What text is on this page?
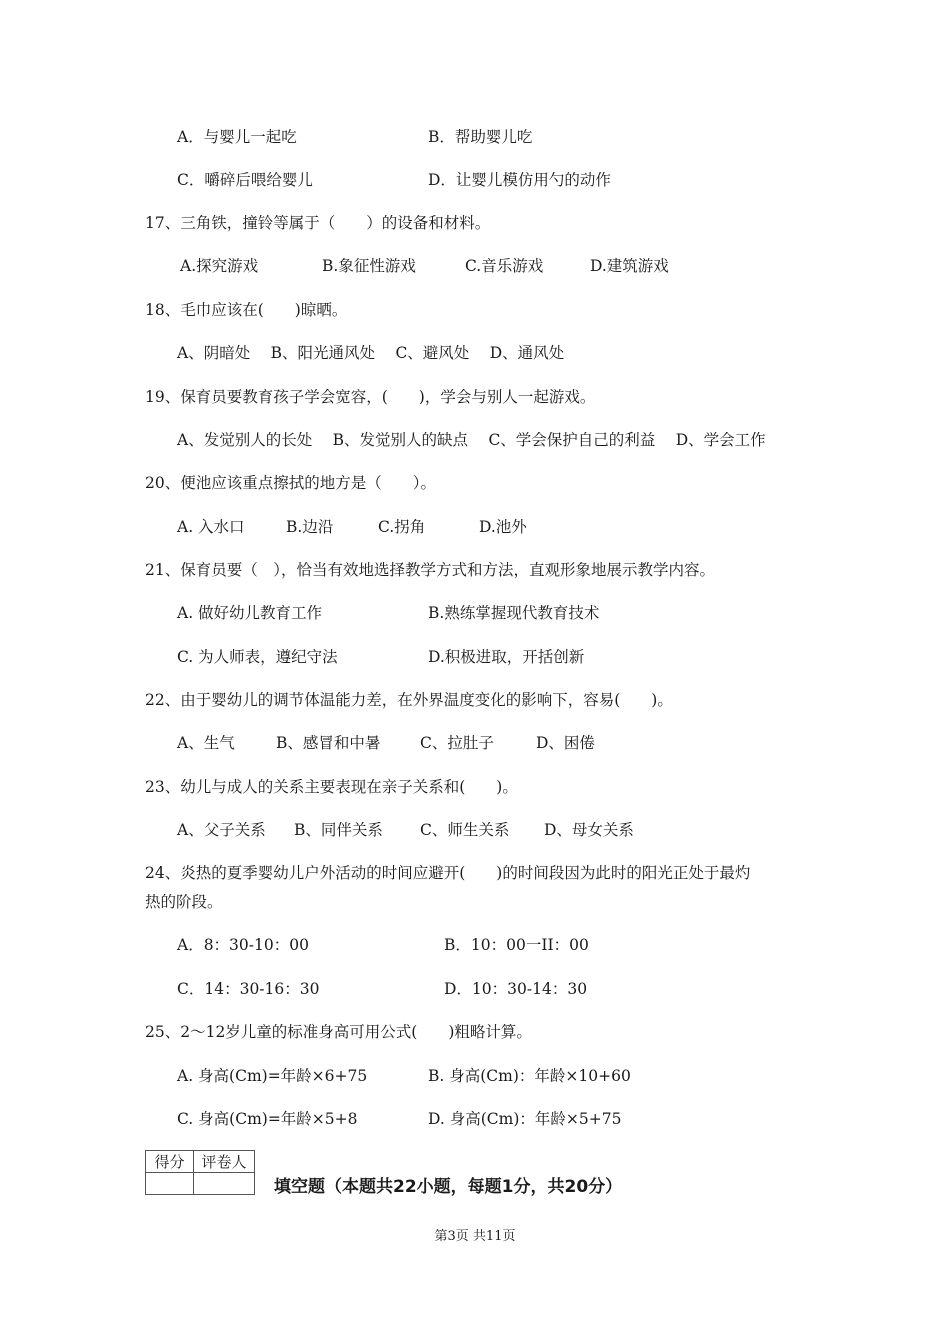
A．与婴儿一起吃	B．帮助婴儿吃
C．嚼碎后喂给婴儿	D．让婴儿模仿用勺的动作
17、三角铁，撞铃等属于（　　）的设备和材料。
A.探究游戏	B.象征性游戏	C.音乐游戏	D.建筑游戏
18、毛巾应该在(　　)晾晒。
A、阴暗处　 B、阳光通风处　 C、避风处　 D、通风处
19、保育员要教育孩子学会宽容，(　　)，学会与别人一起游戏。
A、发觉别人的长处　 B、发觉别人的缺点　 C、学会保护自己的利益　 D、学会工作
20、便池应该重点擦拭的地方是（　　）。
A. 入水口	B.边沿	C.拐角	D.池外
21、保育员要（　），恰当有效地选择教学方式和方法，直观形象地展示教学内容。
A. 做好幼儿教育工作	B.熟练掌握现代教育技术
C. 为人师表，遵纪守法	D.积极进取，开括创新
22、由于婴幼儿的调节体温能力差，在外界温度变化的影响下，容易(　　)。
A、生气	B、感冒和中暑	C、拉肚子	D、困倦
23、幼儿与成人的关系主要表现在亲子关系和(　　)。
A、父子关系 B、同伴关系 C、师生关系 D、母女关系
24、炎热的夏季婴幼儿户外活动的时间应避开(　　)的时间段因为此时的阳光正处于最灼
热的阶段。
A．8：30-10：00	B．10：00一II：00
C．14：30-16：30	D．10：30-14：30
25、2～12岁儿童的标准身高可用公式(　　)粗略计算。
A. 身高(Cm)=年龄×6+75	B. 身高(Cm)：年龄×10+60
C. 身高(Cm)=年龄×5+8	D. 身高(Cm)：年龄×5+75
得分	评卷人

填空题（本题共22小题，每题1分，共20分）
第3页 共11页
